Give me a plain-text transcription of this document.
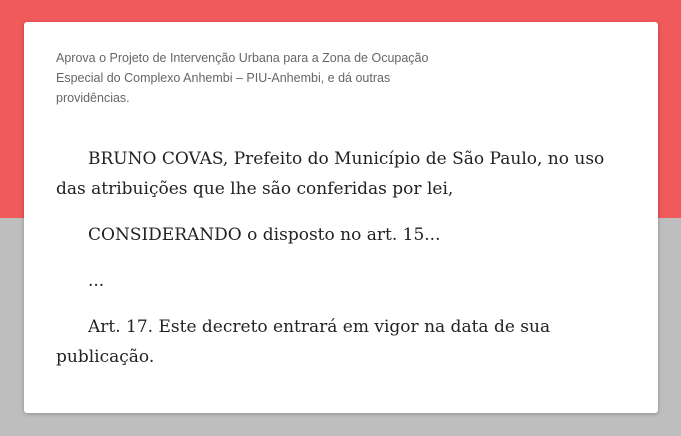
Aprova o Projeto de Intervenção Urbana para a Zona de Ocupação Especial do Complexo Anhembi – PIU-Anhembi, e dá outras providências.

BRUNO COVAS, Prefeito do Município de São Paulo, no uso das atribuições que lhe são conferidas por lei,

CONSIDERANDO o disposto no art. 15...

...

Art. 17. Este decreto entrará em vigor na data de sua publicação.
